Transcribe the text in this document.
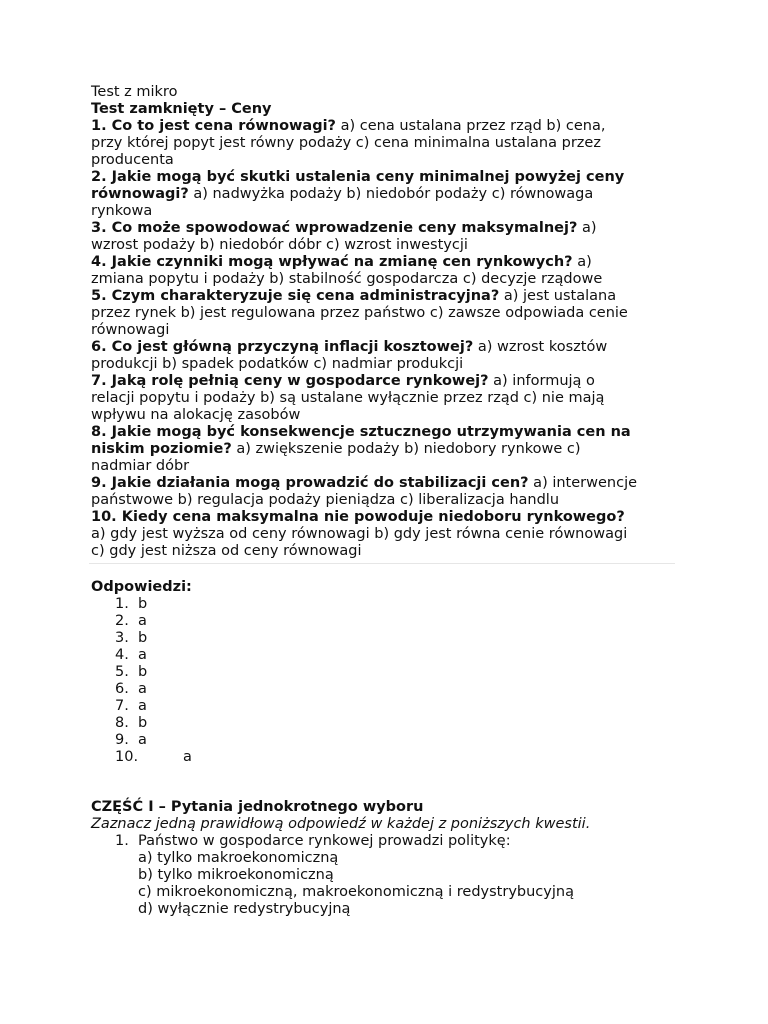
Test z mikro
Test zamknięty – Ceny
1. Co to jest cena równowagi? a) cena ustalana przez rząd b) cena,
przy której popyt jest równy podaży c) cena minimalna ustalana przez
producenta
2. Jakie mogą być skutki ustalenia ceny minimalnej powyżej ceny
równowagi? a) nadwyżka podaży b) niedobór podaży c) równowaga
rynkowa
3. Co może spowodować wprowadzenie ceny maksymalnej? a)
wzrost podaży b) niedobór dóbr c) wzrost inwestycji
4. Jakie czynniki mogą wpływać na zmianę cen rynkowych? a)
zmiana popytu i podaży b) stabilność gospodarcza c) decyzje rządowe
5. Czym charakteryzuje się cena administracyjna? a) jest ustalana
przez rynek b) jest regulowana przez państwo c) zawsze odpowiada cenie
równowagi
6. Co jest główną przyczyną inflacji kosztowej? a) wzrost kosztów
produkcji b) spadek podatków c) nadmiar produkcji
7. Jaką rolę pełnią ceny w gospodarce rynkowej? a) informują o
relacji popytu i podaży b) są ustalane wyłącznie przez rząd c) nie mają
wpływu na alokację zasobów
8. Jakie mogą być konsekwencje sztucznego utrzymywania cen na
niskim poziomie? a) zwiększenie podaży b) niedobory rynkowe c)
nadmiar dóbr
9. Jakie działania mogą prowadzić do stabilizacji cen? a) interwencje
państwowe b) regulacja podaży pieniądza c) liberalizacja handlu
10. Kiedy cena maksymalna nie powoduje niedoboru rynkowego?
a) gdy jest wyższa od ceny równowagi b) gdy jest równa cenie równowagi
c) gdy jest niższa od ceny równowagi
Odpowiedzi:
1. b
2. a
3. b
4. a
5. b
6. a
7. a
8. b
9. a
10.	a
CZĘŚĆ I – Pytania jednokrotnego wyboru
Zaznacz jedną prawidłową odpowiedź w każdej z poniższych kwestii.
1. Państwo w gospodarce rynkowej prowadzi politykę:
a) tylko makroekonomiczną
b) tylko mikroekonomiczną
c) mikroekonomiczną, makroekonomiczną i redystrybucyjną
d) wyłącznie redystrybucyjną
